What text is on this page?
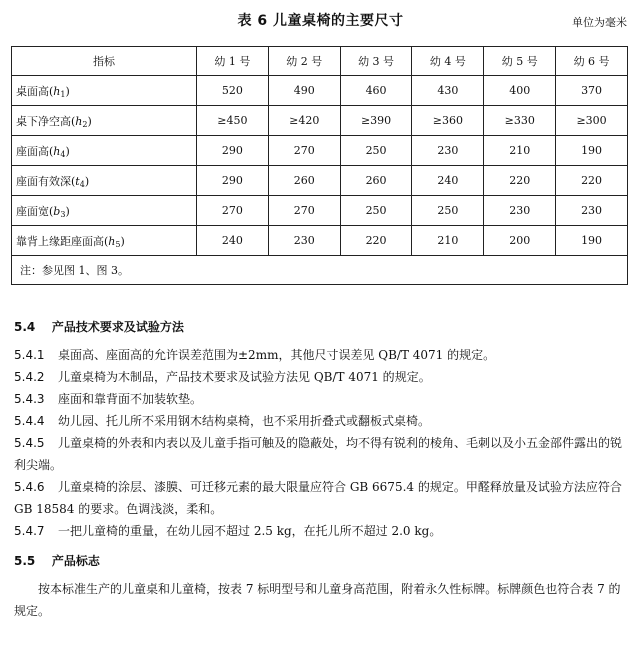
表 6 儿童桌椅的主要尺寸	单位为毫米
指标	幼 1 号	幼 2 号	幼 3 号	幼 4 号	幼 5 号	幼 6 号
桌面高(h1)	520	490	460	430	400	370
桌下净空高(h2)	≥450	≥420	≥390	≥360	≥330	≥300
座面高(h4)	290	270	250	230	210	190
座面有效深(t4)	290	260	260	240	220	220
座面宽(b3)	270	270	250	250	230	230
靠背上缘距座面高(h5)	240	230	220	210	200	190
注：参见图 1、图 3。						
5.4 产品技术要求及试验方法
5.4.1 桌面高、座面高的允许误差范围为±2mm，其他尺寸误差见 QB/T 4071 的规定。
5.4.2 儿童桌椅为木制品，产品技术要求及试验方法见 QB/T 4071 的规定。
5.4.3 座面和靠背面不加装软垫。
5.4.4 幼儿园、托儿所不采用钢木结构桌椅，也不采用折叠式或翻板式桌椅。
5.4.5 儿童桌椅的外表和内表以及儿童手指可触及的隐蔽处，均不得有锐利的棱角、毛刺以及小五金部件露出的锐利尖端。
5.4.6 儿童桌椅的涂层、漆膜、可迁移元素的最大限量应符合 GB 6675.4 的规定。甲醛释放量及试验方法应符合 GB 18584 的要求。色调浅淡，柔和。
5.4.7 一把儿童椅的重量，在幼儿园不超过 2.5 kg，在托儿所不超过 2.0 kg。
5.5 产品标志
按本标准生产的儿童桌和儿童椅，按表 7 标明型号和儿童身高范围，附着永久性标牌。标牌颜色也符合表 7 的规定。
